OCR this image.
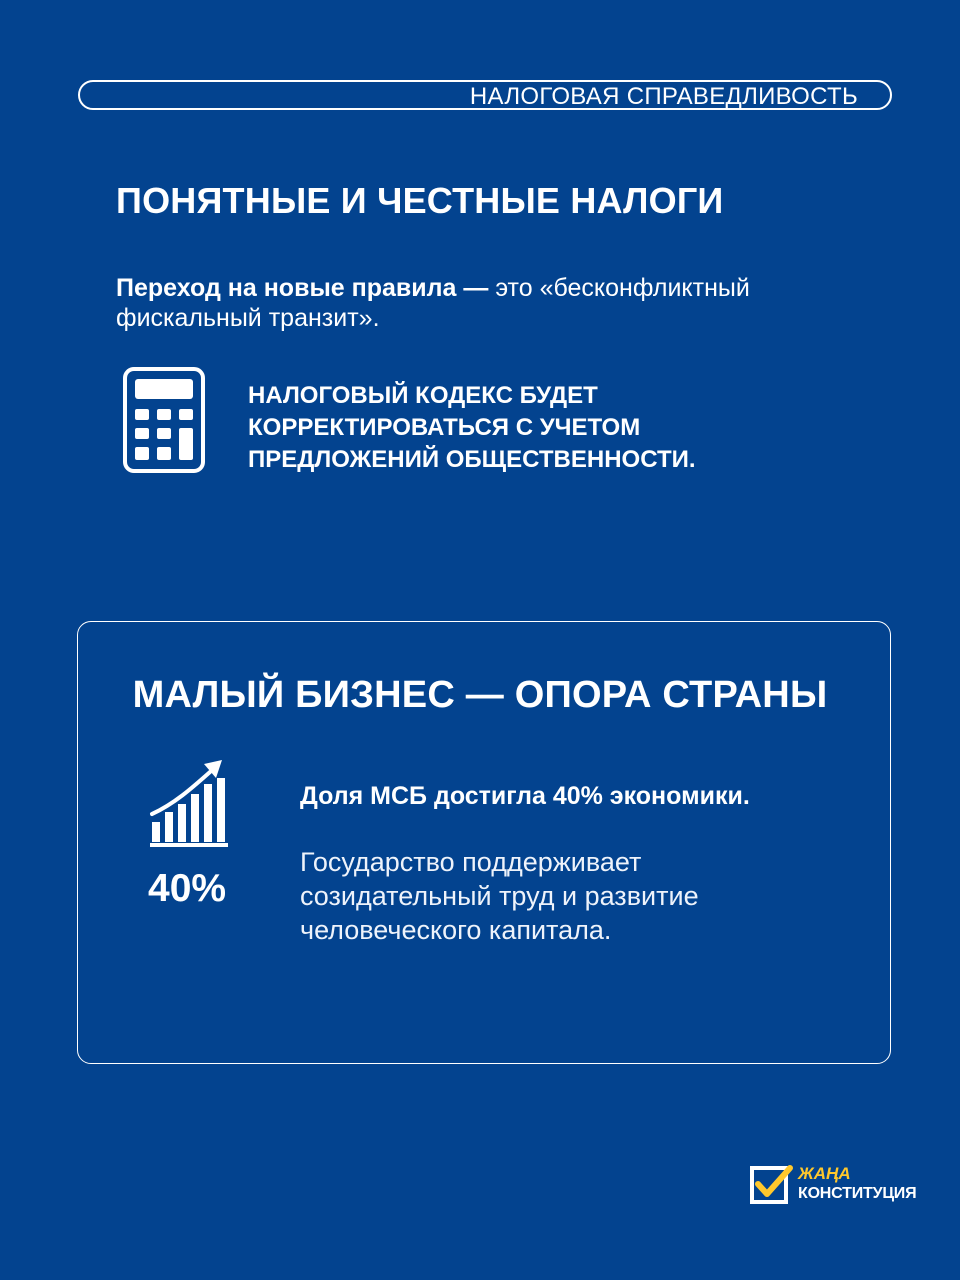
НАЛОГОВАЯ СПРАВЕДЛИВОСТЬ
ПОНЯТНЫЕ И ЧЕСТНЫЕ НАЛОГИ
Переход на новые правила — это «бесконфликтный фискальный транзит».
НАЛОГОВЫЙ КОДЕКС БУДЕТ
КОРРЕКТИРОВАТЬСЯ С УЧЕТОМ
ПРЕДЛОЖЕНИЙ ОБЩЕСТВЕННОСТИ.
МАЛЫЙ БИЗНЕС — ОПОРА СТРАНЫ
40%
Доля МСБ достигла 40% экономики.
Государство поддерживает
созидательный труд и развитие
человеческого капитала.
ЖАҢА
КОНСТИТУЦИЯ
